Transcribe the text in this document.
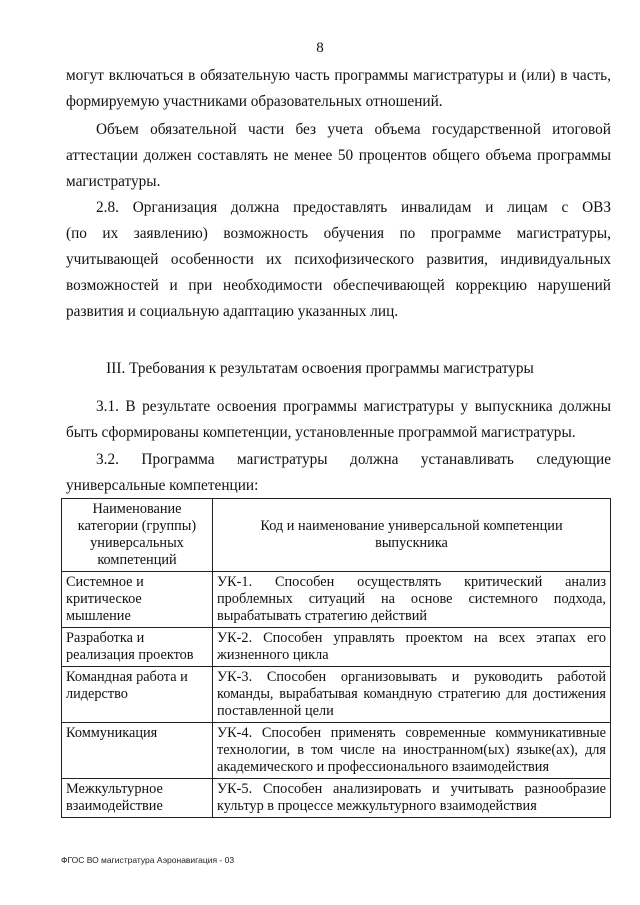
8
могут включаться в обязательную часть программы магистратуры и (или) в часть,
формируемую участниками образовательных отношений.
Объем обязательной части без учета объема государственной итоговой
аттестации должен составлять не менее 50 процентов общего объема программы
магистратуры.
2.8. Организация должна предоставлять инвалидам и лицам с ОВЗ
(по их заявлению) возможность обучения по программе магистратуры,
учитывающей особенности их психофизического развития, индивидуальных
возможностей и при необходимости обеспечивающей коррекцию нарушений
развития и социальную адаптацию указанных лиц.
III. Требования к результатам освоения программы магистратуры
3.1. В результате освоения программы магистратуры у выпускника должны
быть сформированы компетенции, установленные программой магистратуры.
3.2. Программа магистратуры должна устанавливать следующие
универсальные компетенции:
Наименование категории (группы) универсальных компетенций	Код и наименование универсальной компетенции выпускника
Системное и критическое мышление	УК-1. Способен осуществлять критический анализ проблемных ситуаций на основе системного подхода, вырабатывать стратегию действий
Разработка и реализация проектов	УК-2. Способен управлять проектом на всех этапах его жизненного цикла
Командная работа и лидерство	УК-3. Способен организовывать и руководить работой команды, вырабатывая командную стратегию для достижения поставленной цели
Коммуникация	УК-4. Способен применять современные коммуникативные технологии, в том числе на иностранном(ых) языке(ах), для академического и профессионального взаимодействия
Межкультурное взаимодействие	УК-5. Способен анализировать и учитывать разнообразие культур в процессе межкультурного взаимодействия
ФГОС ВО магистратура Аэронавигация - 03
